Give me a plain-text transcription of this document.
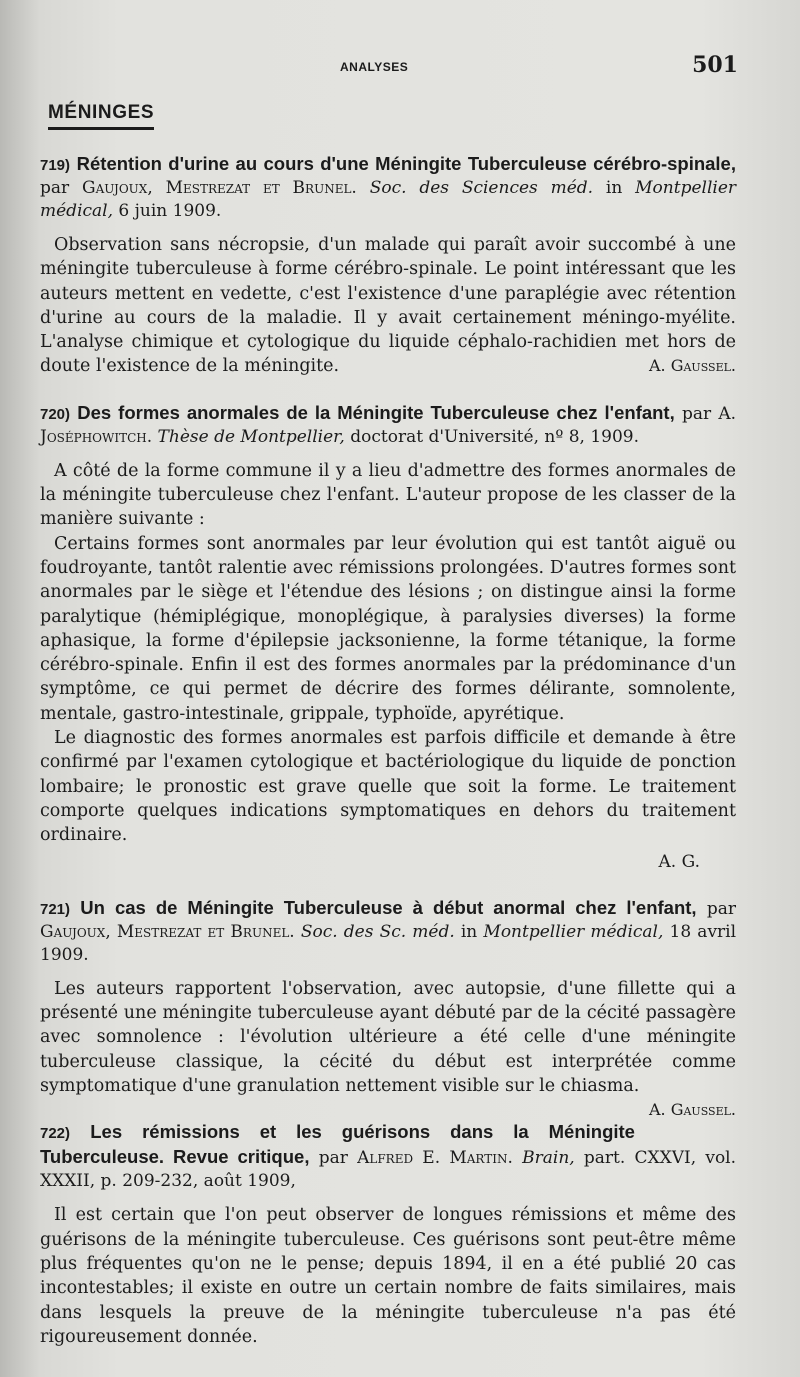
ANALYSES	501
MÉNINGES
719) Rétention d'urine au cours d'une Méningite Tuberculeuse cérébro-spinale, par Gaujoux, Mestrezat et Brunel. Soc. des Sciences méd. in Montpellier médical, 6 juin 1909.

Observation sans nécropsie, d'un malade qui paraît avoir succombé à une méningite tuberculeuse à forme cérébro-spinale. Le point intéressant que les auteurs mettent en vedette, c'est l'existence d'une paraplégie avec rétention d'urine au cours de la maladie. Il y avait certainement méningo-myélite. L'analyse chimique et cytologique du liquide céphalo-rachidien met hors de doute l'existence de la méningite.	A. Gaussel.

720) Des formes anormales de la Méningite Tuberculeuse chez l'enfant, par A. Joséphowitch. Thèse de Montpellier, doctorat d'Université, nº 8, 1909.

A côté de la forme commune il y a lieu d'admettre des formes anormales de la méningite tuberculeuse chez l'enfant. L'auteur propose de les classer de la manière suivante :

Certains formes sont anormales par leur évolution qui est tantôt aiguë ou foudroyante, tantôt ralentie avec rémissions prolongées. D'autres formes sont anormales par le siège et l'étendue des lésions ; on distingue ainsi la forme paralytique (hémiplégique, monoplégique, à paralysies diverses) la forme aphasique, la forme d'épilepsie jacksonienne, la forme tétanique, la forme cérébro-spinale. Enfin il est des formes anormales par la prédominance d'un symptôme, ce qui permet de décrire des formes délirante, somnolente, mentale, gastro-intestinale, grippale, typhoïde, apyrétique.

Le diagnostic des formes anormales est parfois difficile et demande à être confirmé par l'examen cytologique et bactériologique du liquide de ponction lombaire; le pronostic est grave quelle que soit la forme. Le traitement comporte quelques indications symptomatiques en dehors du traitement ordinaire.

A. G.
721) Un cas de Méningite Tuberculeuse à début anormal chez l'enfant, par Gaujoux, Mestrezat et Brunel. Soc. des Sc. méd. in Montpellier médical, 18 avril 1909.

Les auteurs rapportent l'observation, avec autopsie, d'une fillette qui a présenté une méningite tuberculeuse ayant débuté par de la cécité passagère avec somnolence : l'évolution ultérieure a été celle d'une méningite tuberculeuse classique, la cécité du début est interprétée comme symptomatique d'une granulation nettement visible sur le chiasma.
A. Gaussel.

722) Les rémissions et les guérisons dans la Méningite Tuberculeuse. Revue critique, par Alfred E. Martin. Brain, part. CXXVI, vol. XXXII, p. 209-232, août 1909,

Il est certain que l'on peut observer de longues rémissions et même des guérisons de la méningite tuberculeuse. Ces guérisons sont peut-être même plus fréquentes qu'on ne le pense; depuis 1894, il en a été publié 20 cas incontestables; il existe en outre un certain nombre de faits similaires, mais dans lesquels la preuve de la méningite tuberculeuse n'a pas été rigoureusement donnée.
